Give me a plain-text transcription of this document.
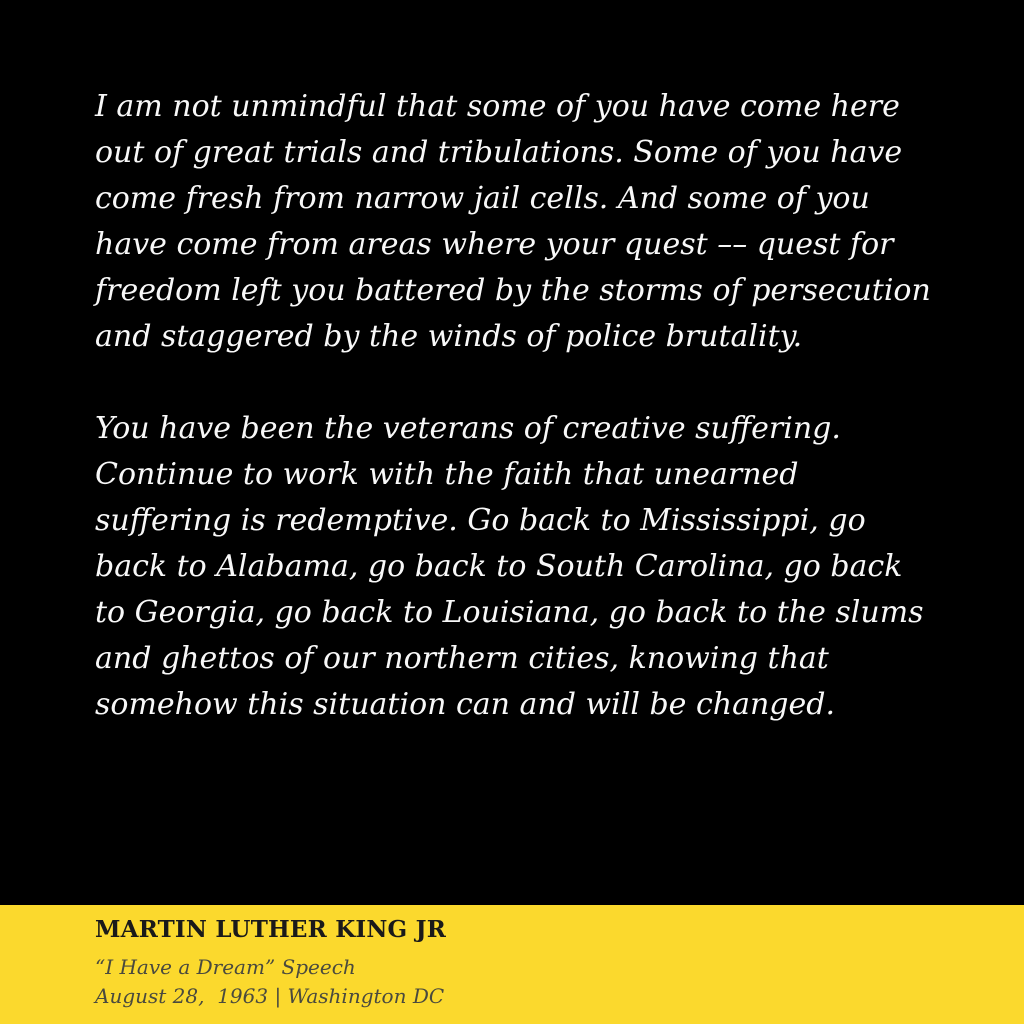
I am not unmindful that some of you have come here
out of great trials and tribulations. Some of you have
come fresh from narrow jail cells. And some of you
have come from areas where your quest –– quest for
freedom left you battered by the storms of persecution
and staggered by the winds of police brutality.
You have been the veterans of creative suffering.
Continue to work with the faith that unearned
suffering is redemptive. Go back to Mississippi, go
back to Alabama, go back to South Carolina, go back
to Georgia, go back to Louisiana, go back to the slums
and ghettos of our northern cities, knowing that
somehow this situation can and will be changed.
MARTIN LUTHER KING JR
“I Have a Dream” Speech
August 28,  1963 | Washington DC
